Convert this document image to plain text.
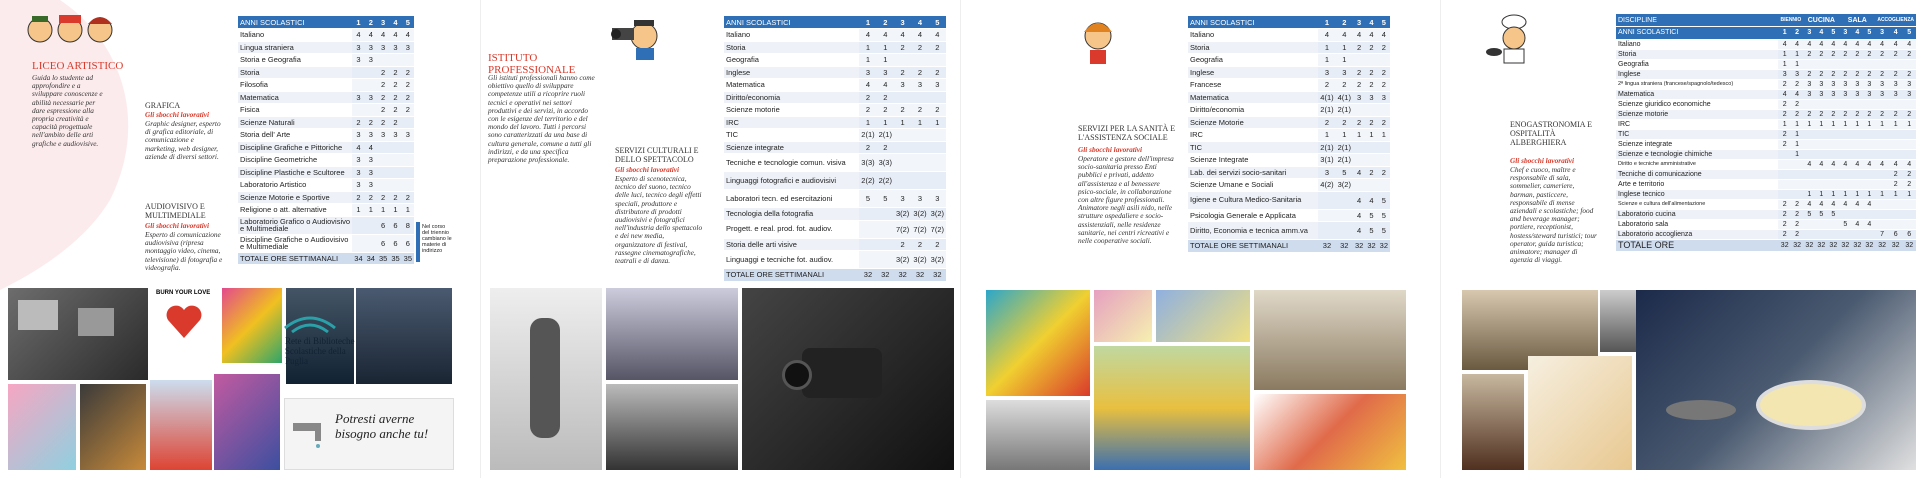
LICEO ARTISTICO
Guida lo studente ad approfondire e a sviluppare conoscenze e abilità necessarie per dare espressione alla propria creatività e capacità progettuale nell'ambito delle arti grafiche e audiovisive.
GRAFICA
Gli sbocchi lavorativi
Graphic designer, esperto di grafica editoriale, di comunicazione e marketing, web designer, aziende di diversi settori.
AUDIOVISIVO E MULTIMEDIALE
Gli sbocchi lavorativi
Esperto di comunicazione audiovisiva (ripresa montaggio video, cinema, televisione) di fotografia e videografia.
ANNI SCOLASTICI	1	2	3	4	5
Italiano	4	4	4	4	4
Lingua straniera	3	3	3	3	3
Storia e Geografia	3	3			
Storia			2	2	2
Filosofia			2	2	2
Matematica	3	3	2	2	2
Fisica			2	2	2
Scienze Naturali	2	2	2	2	
Storia dell' Arte	3	3	3	3	3
Discipline Grafiche e Pittoriche	4	4			
Discipline Geometriche	3	3			
Discipline Plastiche e Scultoree	3	3			
Laboratorio Artistico	3	3			
Scienze Motorie e Sportive	2	2	2	2	2
Religione o att. alternative	1	1	1	1	1
Laboratorio Grafico o Audiovisivo e Multimediale			6	6	8
Discipline Grafiche o Audiovisivo e Multimediale			6	6	6
TOTALE ORE SETTIMANALI	34	34	35	35	35
Nel corso del triennio cambiano le materie di indirizzo
BURN YOUR LOVE
Rete di Biblioteche Scolastiche della Puglia
Potresti averne bisogno anche tu!
ISTITUTO PROFESSIONALE
Gli istituti professionali hanno come obiettivo quello di sviluppare competenze utili a ricoprire ruoli tecnici e operativi nei settori produttivi e dei servizi, in accordo con le esigenze del territorio e del mondo del lavoro. Tutti i percorsi sono caratterizzati da una base di cultura generale, comune a tutti gli indirizzi, e da una specifica preparazione professionale.
SERVIZI CULTURALI E DELLO SPETTACOLO
Gli sbocchi lavorativi
Esperto di scenotecnica, tecnico del suono, tecnico delle luci, tecnico degli effetti speciali, produttore e distributore di prodotti audiovisivi e fotografici nell'industria dello spettacolo e dei new media, organizzatore di festival, rassegne cinematografiche, teatrali e di danza.
ANNI SCOLASTICI	1	2	3	4	5
Italiano	4	4	4	4	4
Storia	1	1	2	2	2
Geografia	1	1			
Inglese	3	3	2	2	2
Matematica	4	4	3	3	3
Diritto/economia	2	2			
Scienze motorie	2	2	2	2	2
IRC	1	1	1	1	1
TIC	2(1)	2(1)			
Scienze integrate	2	2			
Tecniche e tecnologie comun. visiva	3(3)	3(3)			
Linguaggi fotografici e audiovisivi	2(2)	2(2)			
Laboratori tecn. ed esercitazioni	5	5	3	3	3
Tecnologia della fotografia			3(2)	3(2)	3(2)
Progett. e real. prod. fot. audiov.			7(2)	7(2)	7(2)
Storia delle arti visive			2	2	2
Linguaggi e tecniche fot. audiov.			3(2)	3(2)	3(2)
TOTALE ORE SETTIMANALI	32	32	32	32	32
SERVIZI PER LA SANITÀ E L'ASSISTENZA SOCIALE
Gli sbocchi lavorativi
Operatore e gestore dell'impresa socio-sanitaria presso Enti pubblici e privati, addetto all'assistenza e al benessere psico-sociale, in collaborazione con altre figure professionali. Animatore negli asili nido, nelle strutture ospedaliere e socio-assistenziali, nelle residenze sanitarie, nei centri ricreativi e nelle cooperative sociali.
ANNI SCOLASTICI	1	2	3	4	5
Italiano	4	4	4	4	4
Storia	1	1	2	2	2
Geografia	1	1			
Inglese	3	3	2	2	2
Francese	2	2	2	2	2
Matematica	4(1)	4(1)	3	3	3
Diritto/economia	2(1)	2(1)			
Scienze Motorie	2	2	2	2	2
IRC	1	1	1	1	1
TIC	2(1)	2(1)			
Scienze Integrate	3(1)	2(1)			
Lab. dei servizi socio-sanitari	3	5	4	2	2
Scienze Umane e Sociali	4(2)	3(2)			
Igiene e Cultura Medico-Sanitaria			4	4	5
Psicologia Generale e Applicata			4	5	5
Diritto, Economia e tecnica amm.va			4	5	5
TOTALE ORE SETTIMANALI	32	32	32	32	32
ENOGASTRONOMIA E OSPITALITÀ ALBERGHIERA
Gli sbocchi lavorativi
Chef e cuoco, maître e responsabile di sala, sommelier, cameriere, barman, pasticcere, responsabile di mense aziendali e scolastiche; food and beverage manager; portiere, receptionist, hostess/steward turistici; tour operator, guida turistica; animatore; manager di agenzia di viaggi.
DISCIPLINE	BIENNIO		CUCINA			SALA			ACCOGLIENZA		
ANNI SCOLASTICI	1	2	3	4	5	3	4	5	3	4	5
Italiano	4	4	4	4	4	4	4	4	4	4	4
Storia	1	1	2	2	2	2	2	2	2	2	2
Geografia	1	1									
Inglese	3	3	2	2	2	2	2	2	2	2	2
2ª lingua straniera (francese/spagnolo/tedesco)	2	2	3	3	3	3	3	3	3	3	3
Matematica	4	4	3	3	3	3	3	3	3	3	3
Scienze giuridico economiche	2	2									
Scienze motorie	2	2	2	2	2	2	2	2	2	2	2
IRC	1	1	1	1	1	1	1	1	1	1	1
TIC	2	1									
Scienze integrate	2	1									
Scienze e tecnologie chimiche		1									
Diritto e tecniche amministrative			4	4	4	4	4	4	4	4	4
Tecniche di comunicazione										2	2
Arte e territorio										2	2
Inglese tecnico			1	1	1	1	1	1	1	1	1
Scienze e cultura dell'alimentazione	2	2	4	4	4	4	4	4			
Laboratorio cucina	2	2	5	5	5						
Laboratorio sala	2	2				5	4	4			
Laboratorio accoglienza	2	2							7	6	6
TOTALE ORE	32	32	32	32	32	32	32	32	32	32	32
